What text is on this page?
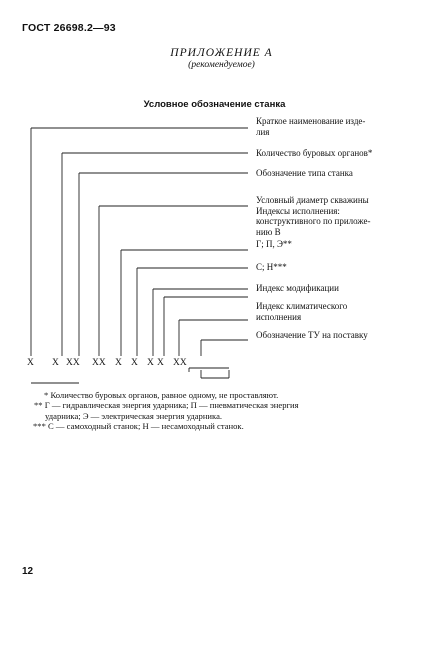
ГОСТ 26698.2—93
ПРИЛОЖЕНИЕ А
(рекомендуемое)
Условное обозначение станка
Краткое наименование изде-
лия
Количество буровых органов*
Обозначение типа станка
Условный диаметр скважины
Индексы исполнения:
конструктивного по приложе-
нию В
Г; П, Э**
С; Н***
Индекс модификации
Индекс климатического
исполнения
Обозначение ТУ на поставку
X X XX XX X X X X XX
* Количество буровых органов, равное одному, не проставляют.
** Г — гидравлическая энергия ударника; П — пневматическая энергия
ударника; Э — электрическая энергия ударника.
*** С — самоходный станок; Н — несамоходный станок.
12
